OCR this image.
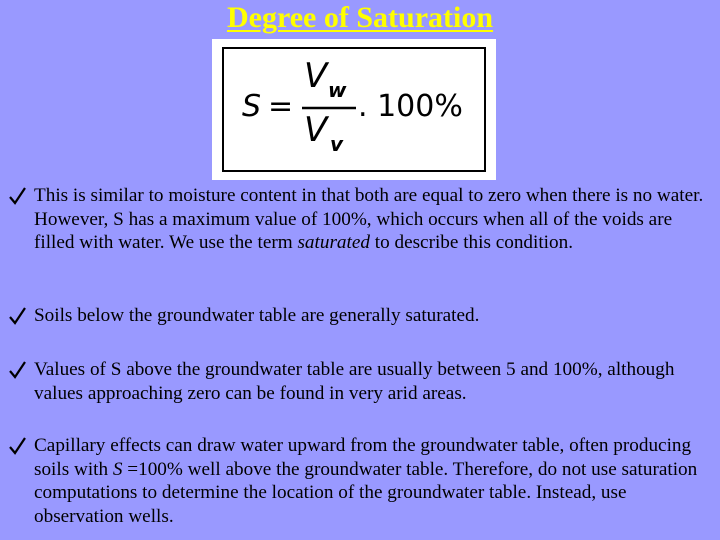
Degree of Saturation
S =
V w
V v
. 100%
This is similar to moisture content in that both are equal to zero when there is no water. However, S has a maximum value of 100%, which occurs when all of the voids are filled with water. We use the term saturated to describe this condition.
Soils below the groundwater table are generally saturated.
Values of S above the groundwater table are usually between 5 and 100%, although values approaching zero can be found in very arid areas.
Capillary effects can draw water upward from the groundwater table, often producing soils with S =100% well above the groundwater table. Therefore, do not use saturation computations to determine the location of the groundwater table. Instead, use observation wells.
